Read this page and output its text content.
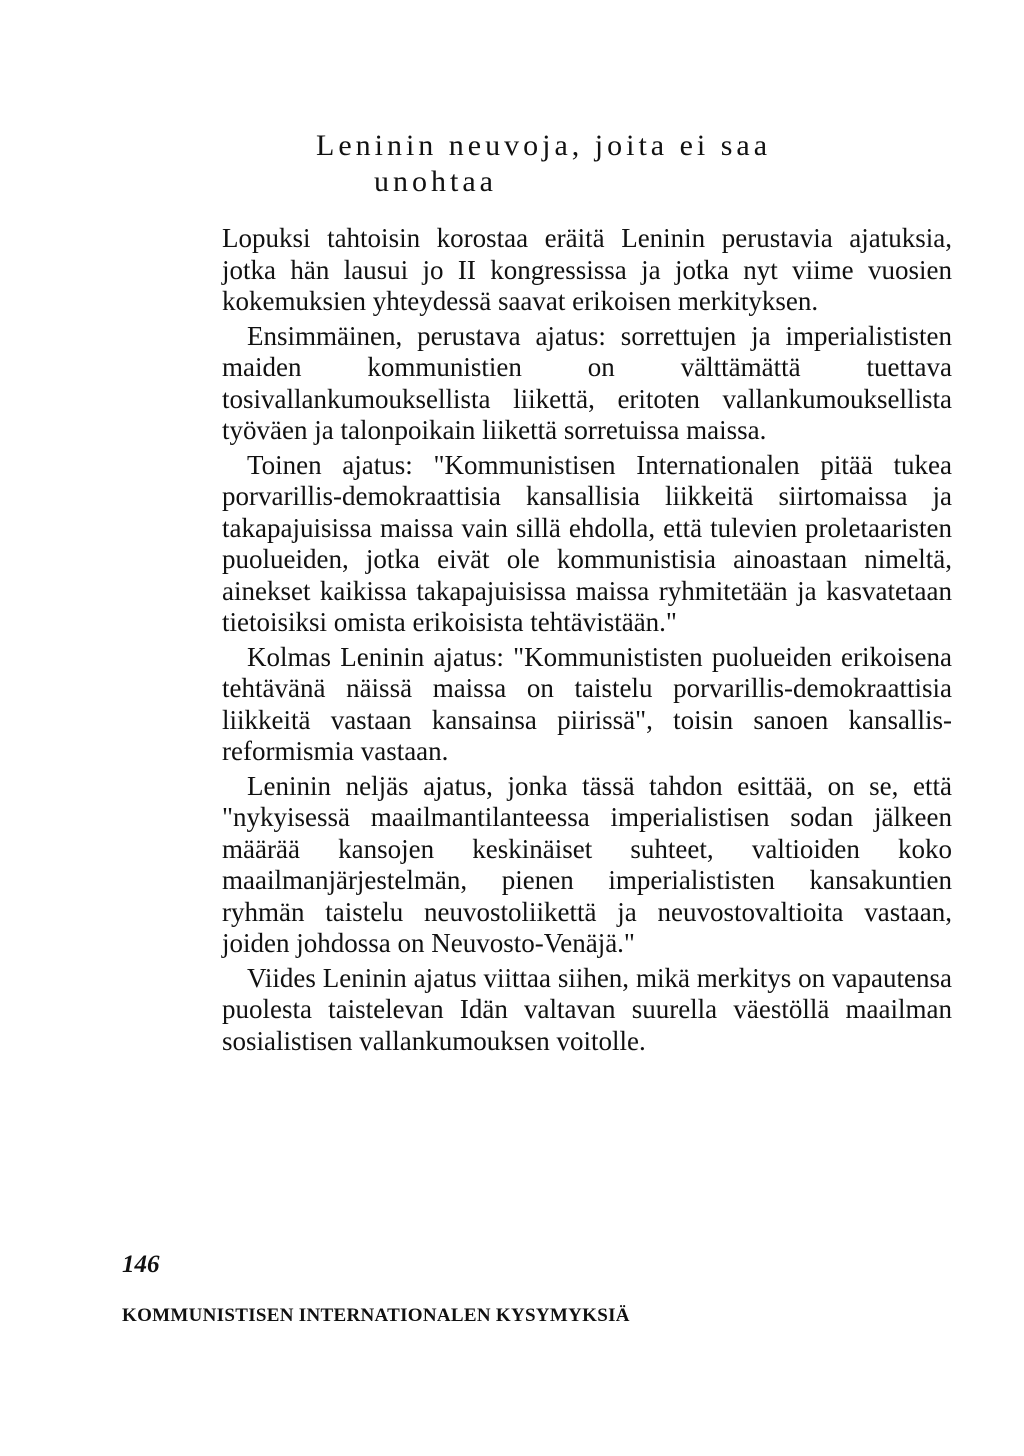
Leninin neuvoja, joita ei saa
unohtaa

Lopuksi tahtoisin korostaa eräitä Leninin perustavia ajatuksia, jotka hän lausui jo II kongressissa ja jotka nyt viime vuosien kokemuksien yhteydessä saavat erikoisen merkityksen.

Ensimmäinen, perustava ajatus: sorrettujen ja imperialististen maiden kommunistien on välttämättä tuettava tosivallankumouksellista liikettä, eritoten vallankumouksellista työväen ja talonpoikain liikettä sorretuissa maissa.

Toinen ajatus: "Kommunistisen Internationalen pitää tukea porvarillis-demokraattisia kansallisia liikkeitä siirtomaissa ja takapajuisissa maissa vain sillä ehdolla, että tulevien proletaaristen puolueiden, jotka eivät ole kommunistisia ainoastaan nimeltä, ainekset kaikissa takapajuisissa maissa ryhmitetään ja kasvatetaan tietoisiksi omista erikoisista tehtävistään."

Kolmas Leninin ajatus: "Kommunististen puolueiden erikoisena tehtävänä näissä maissa on taistelu porvarillis-demokraattisia liikkeitä vastaan kansainsa piirissä", toisin sanoen kansallis-reformismia vastaan.

Leninin neljäs ajatus, jonka tässä tahdon esittää, on se, että "nykyisessä maailmantilanteessa imperialistisen sodan jälkeen määrää kansojen keskinäiset suhteet, valtioiden koko maailmanjärjestelmän, pienen imperialististen kansakuntien ryhmän taistelu neuvostoliikettä ja neuvostovaltioita vastaan, joiden johdossa on Neuvosto-Venäjä."

Viides Leninin ajatus viittaa siihen, mikä merkitys on vapautensa puolesta taistelevan Idän valtavan suurella väestöllä maailman sosialistisen vallankumouksen voitolle.

146
KOMMUNISTISEN INTERNATIONALEN KYSYMYKSIÄ
